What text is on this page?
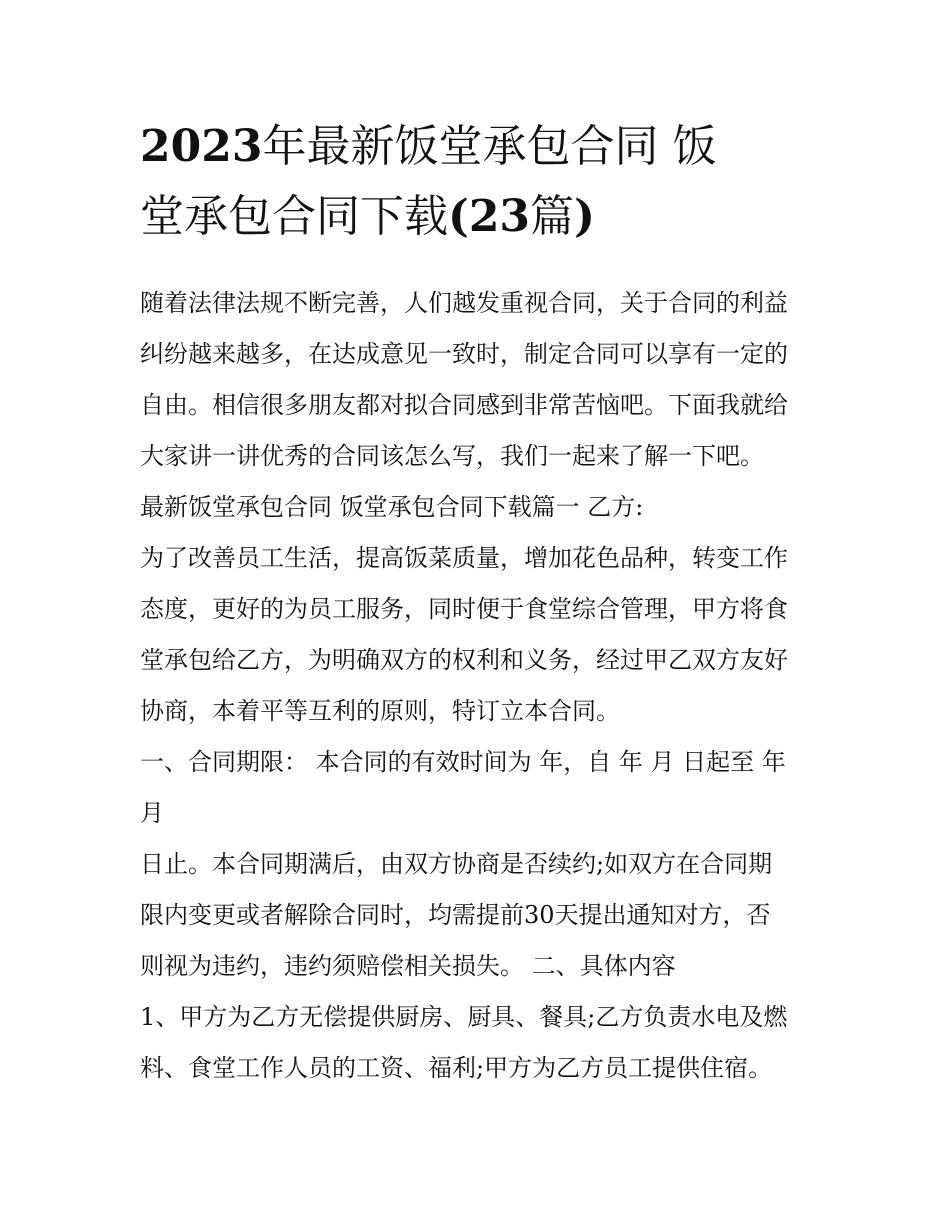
2023年最新饭堂承包合同 饭
堂承包合同下载(23篇)
随着法律法规不断完善，人们越发重视合同，关于合同的利益
纠纷越来越多，在达成意见一致时，制定合同可以享有一定的
自由。相信很多朋友都对拟合同感到非常苦恼吧。下面我就给
大家讲一讲优秀的合同该怎么写，我们一起来了解一下吧。
最新饭堂承包合同 饭堂承包合同下载篇一 乙方:
为了改善员工生活，提高饭菜质量，增加花色品种，转变工作
态度，更好的为员工服务，同时便于食堂综合管理，甲方将食
堂承包给乙方，为明确双方的权利和义务，经过甲乙双方友好
协商，本着平等互利的原则，特订立本合同。
一、合同期限： 本合同的有效时间为 年，自 年 月 日起至 年
月
日止。本合同期满后，由双方协商是否续约;如双方在合同期
限内变更或者解除合同时，均需提前30天提出通知对方，否
则视为违约，违约须赔偿相关损失。 二、具体内容
1、甲方为乙方无偿提供厨房、厨具、餐具;乙方负责水电及燃
料、食堂工作人员的工资、福利;甲方为乙方员工提供住宿。
